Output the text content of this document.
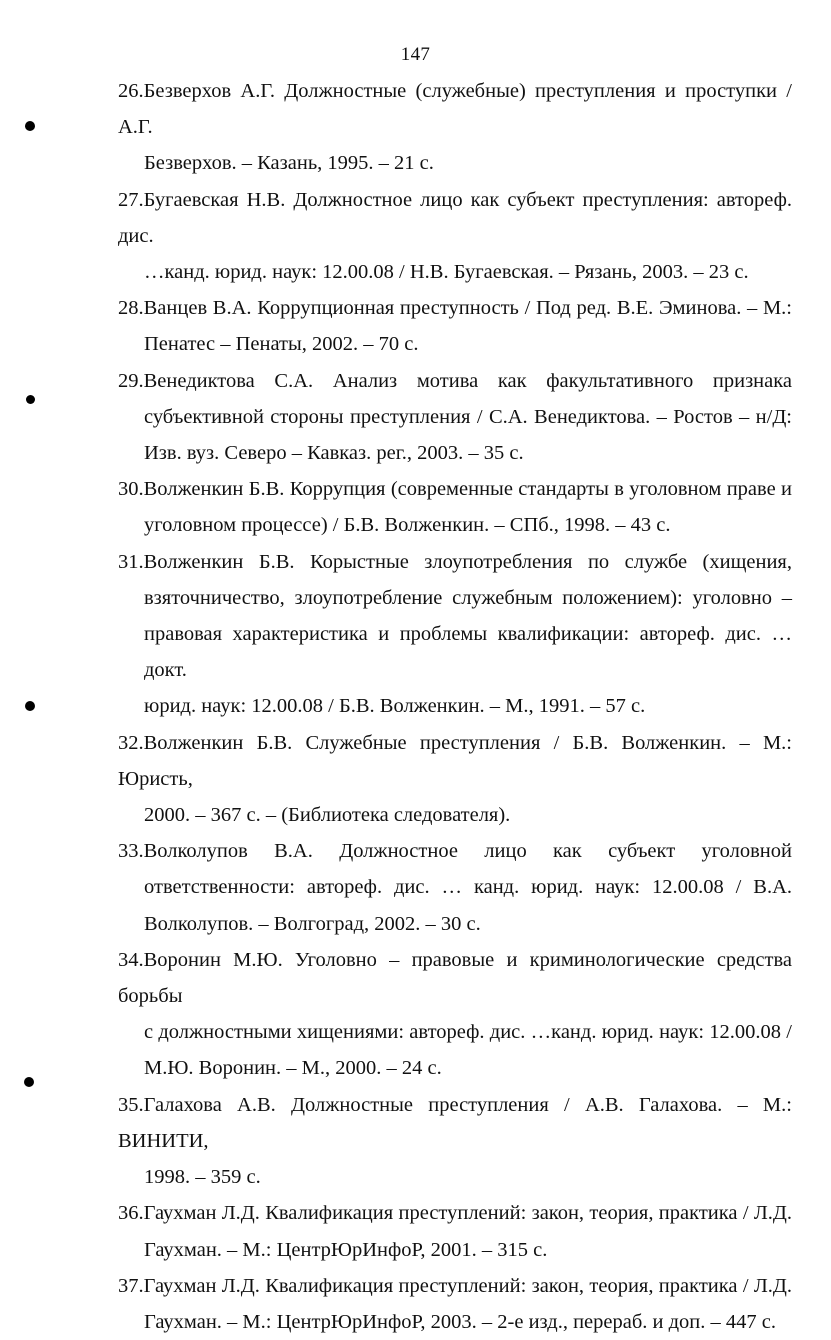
147
26.Безверхов А.Г. Должностные (служебные) преступления и проступки / А.Г.
Безверхов. – Казань, 1995. – 21 с.
27.Бугаевская Н.В. Должностное лицо как субъект преступления: автореф. дис.
…канд. юрид. наук: 12.00.08 / Н.В. Бугаевская. – Рязань, 2003. – 23 с.
28.Ванцев В.А. Коррупционная преступность / Под ред. В.Е. Эминова. – М.:
Пенатес – Пенаты, 2002. – 70 с.
29.Венедиктова С.А. Анализ мотива как факультативного признака
субъективной стороны преступления / С.А. Венедиктова. – Ростов – н/Д:
Изв. вуз. Северо – Кавказ. рег., 2003. – 35 с.
30.Волженкин Б.В. Коррупция (современные стандарты в уголовном праве и
уголовном процессе) / Б.В. Волженкин. – СПб., 1998. – 43 с.
31.Волженкин Б.В. Корыстные злоупотребления по службе (хищения,
взяточничество, злоупотребление служебным положением): уголовно –
правовая характеристика и проблемы квалификации: автореф. дис. … докт.
юрид. наук: 12.00.08 / Б.В. Волженкин. – М., 1991. – 57 с.
32.Волженкин Б.В. Служебные преступления / Б.В. Волженкин. – М.: Юристь,
2000. – 367 с. – (Библиотека следователя).
33.Волколупов В.А. Должностное лицо как субъект уголовной
ответственности: автореф. дис. … канд. юрид. наук: 12.00.08 / В.А.
Волколупов. – Волгоград, 2002. – 30 с.
34.Воронин М.Ю. Уголовно – правовые и криминологические средства борьбы
с должностными хищениями: автореф. дис. …канд. юрид. наук: 12.00.08 /
М.Ю. Воронин. – М., 2000. – 24 с.
35.Галахова А.В. Должностные преступления / А.В. Галахова. – М.: ВИНИТИ,
1998. – 359 с.
36.Гаухман Л.Д. Квалификация преступлений: закон, теория, практика / Л.Д.
Гаухман. – М.: ЦентрЮрИнфоР, 2001. – 315 с.
37.Гаухман Л.Д. Квалификация преступлений: закон, теория, практика / Л.Д.
Гаухман. – М.: ЦентрЮрИнфоР, 2003. – 2-е изд., перераб. и доп. – 447 с.
